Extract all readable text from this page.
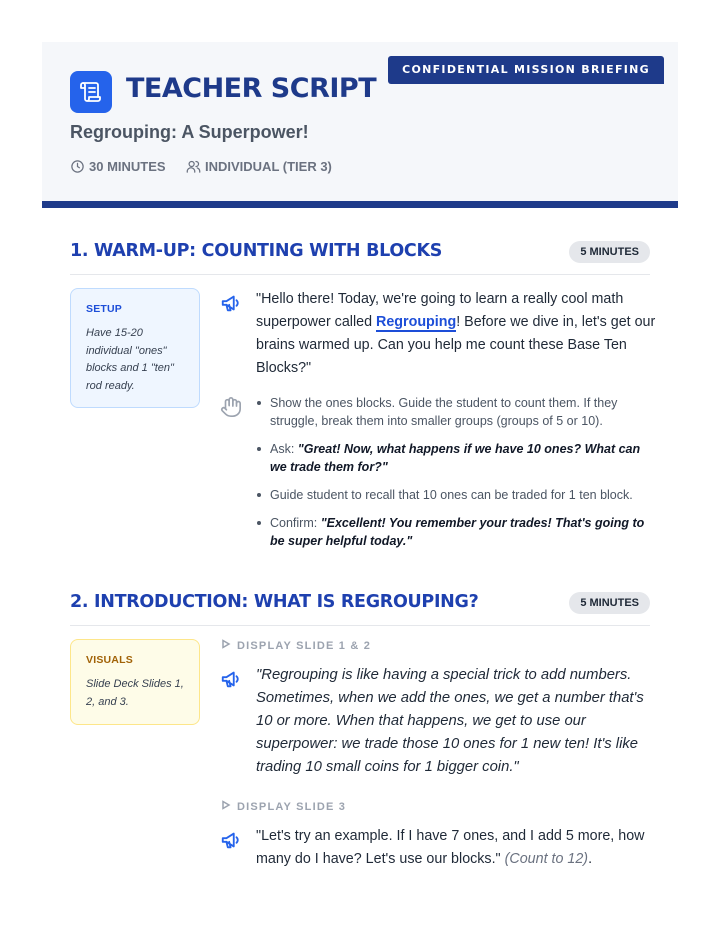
CONFIDENTIAL MISSION BRIEFING
TEACHER SCRIPT
Regrouping: A Superpower!
30 MINUTES	INDIVIDUAL (TIER 3)
1. WARM-UP: COUNTING WITH BLOCKS	5 MINUTES
SETUP
Have 15-20 individual "ones" blocks and 1 "ten" rod ready.

"Hello there! Today, we're going to learn a really cool math superpower called Regrouping! Before we dive in, let's get our brains warmed up. Can you help me count these Base Ten Blocks?"

Show the ones blocks. Guide the student to count them. If they struggle, break them into smaller groups (groups of 5 or 10).
Ask: "Great! Now, what happens if we have 10 ones? What can we trade them for?"
Guide student to recall that 10 ones can be traded for 1 ten block.
Confirm: "Excellent! You remember your trades! That's going to be super helpful today."
2. INTRODUCTION: WHAT IS REGROUPING?	5 MINUTES
VISUALS
Slide Deck Slides 1, 2, and 3.
DISPLAY SLIDE 1 & 2

"Regrouping is like having a special trick to add numbers. Sometimes, when we add the ones, we get a number that's 10 or more. When that happens, we get to use our superpower: we trade those 10 ones for 1 new ten! It's like trading 10 small coins for 1 bigger coin."

DISPLAY SLIDE 3

"Let's try an example. If I have 7 ones, and I add 5 more, how many do I have? Let's use our blocks." (Count to 12).
